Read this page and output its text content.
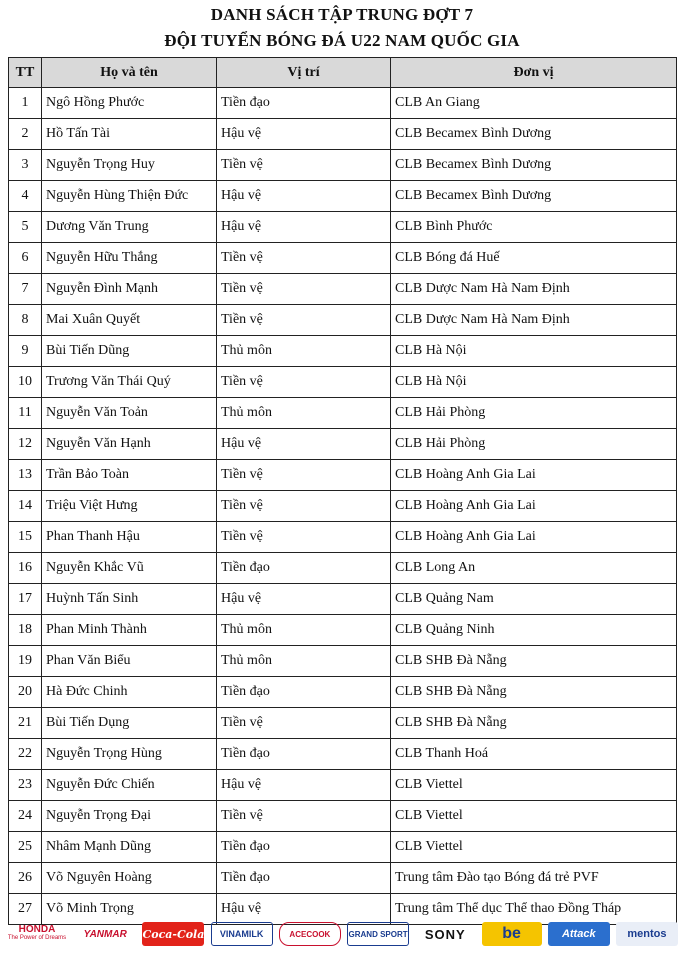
DANH SÁCH TẬP TRUNG ĐỢT 7
ĐỘI TUYỂN BÓNG ĐÁ U22 NAM QUỐC GIA
TT	Họ và tên	Vị trí	Đơn vị
1	Ngô Hồng Phước	Tiền đạo	CLB An Giang
2	Hồ Tấn Tài	Hậu vệ	CLB Becamex Bình Dương
3	Nguyễn Trọng Huy	Tiền vệ	CLB Becamex Bình Dương
4	Nguyễn Hùng Thiện Đức	Hậu vệ	CLB Becamex Bình Dương
5	Dương Văn Trung	Hậu vệ	CLB Bình Phước
6	Nguyễn Hữu Thắng	Tiền vệ	CLB Bóng đá Huế
7	Nguyễn Đình Mạnh	Tiền vệ	CLB Dược Nam Hà Nam Định
8	Mai Xuân Quyết	Tiền vệ	CLB Dược Nam Hà Nam Định
9	Bùi Tiến Dũng	Thủ môn	CLB Hà Nội
10	Trương Văn Thái Quý	Tiền vệ	CLB Hà Nội
11	Nguyễn Văn Toản	Thủ môn	CLB Hải Phòng
12	Nguyễn Văn Hạnh	Hậu vệ	CLB Hải Phòng
13	Trần Bảo Toàn	Tiền vệ	CLB Hoàng Anh Gia Lai
14	Triệu Việt Hưng	Tiền vệ	CLB Hoàng Anh Gia Lai
15	Phan Thanh Hậu	Tiền vệ	CLB Hoàng Anh Gia Lai
16	Nguyễn Khắc Vũ	Tiền đạo	CLB Long An
17	Huỳnh Tấn Sinh	Hậu vệ	CLB Quảng Nam
18	Phan Minh Thành	Thủ môn	CLB Quảng Ninh
19	Phan Văn Biểu	Thủ môn	CLB SHB Đà Nẵng
20	Hà Đức Chinh	Tiền đạo	CLB SHB Đà Nẵng
21	Bùi Tiến Dụng	Tiền vệ	CLB SHB Đà Nẵng
22	Nguyễn Trọng Hùng	Tiền đạo	CLB Thanh Hoá
23	Nguyễn Đức Chiến	Hậu vệ	CLB Viettel
24	Nguyễn Trọng Đại	Tiền vệ	CLB Viettel
25	Nhâm Mạnh Dũng	Tiền đạo	CLB Viettel
26	Võ Nguyên Hoàng	Tiền đạo	Trung tâm Đào tạo Bóng đá trẻ PVF
27	Võ Minh Trọng	Hậu vệ	Trung tâm Thể dục Thể thao Đồng Tháp
HONDA
The Power of Dreams YANMAR Coca-Cola VINAMILK	ACECOOK GRAND SPORT SONY be	Attack	mentos
